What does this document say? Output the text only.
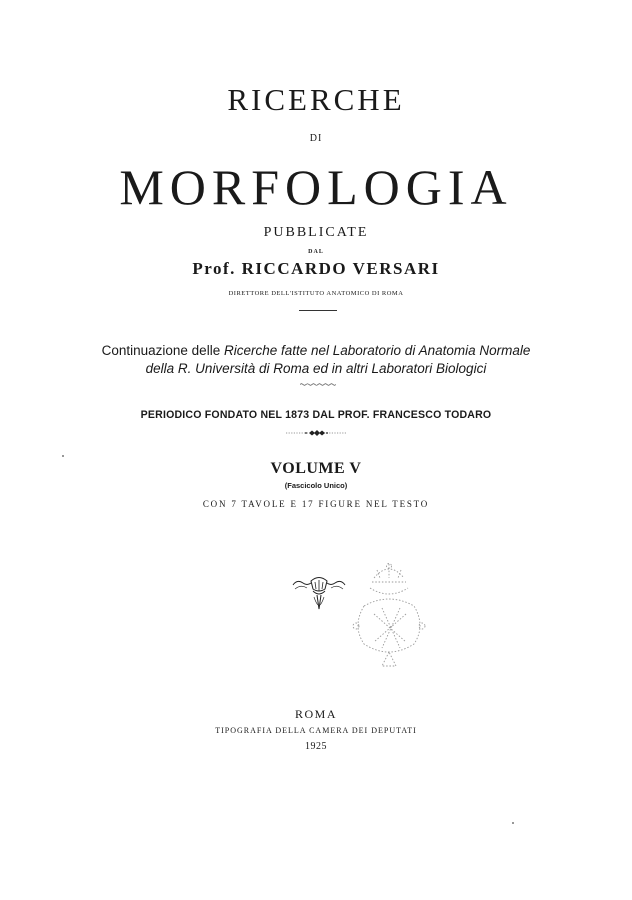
RICERCHE
DI
MORFOLOGIA
PUBBLICATE
DAL
Prof. RICCARDO VERSARI
DIRETTORE DELL'ISTITUTO ANATOMICO DI ROMA
Continuazione delle Ricerche fatte nel Laboratorio di Anatomia Normale
della R. Università di Roma ed in altri Laboratori Biologici
PERIODICO FONDATO NEL 1873 DAL PROF. FRANCESCO TODARO
VOLUME V
(Fascicolo Unico)
CON 7 TAVOLE E 17 FIGURE NEL TESTO
ROMA
TIPOGRAFIA DELLA CAMERA DEI DEPUTATI
1925
